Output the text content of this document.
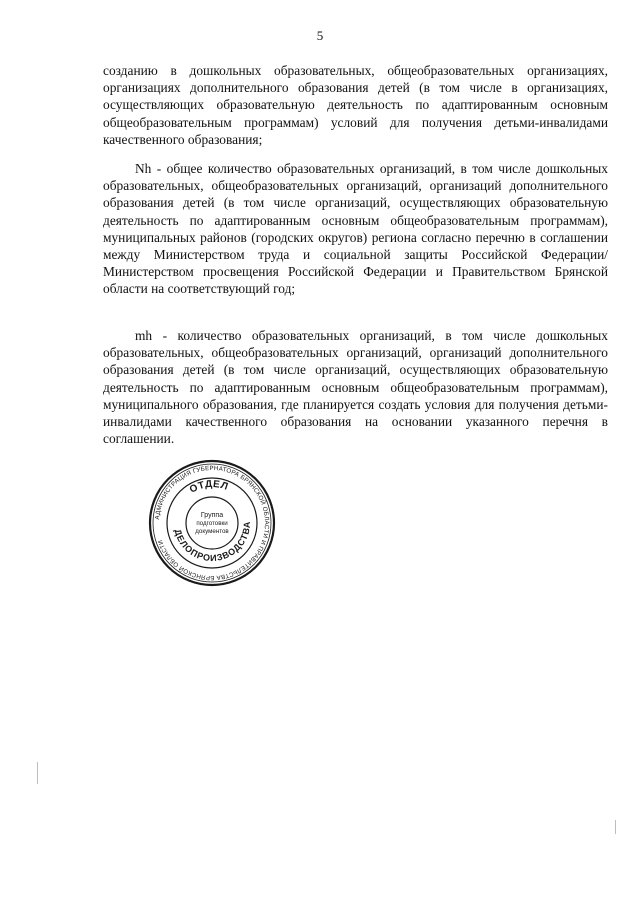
5

созданию в дошкольных образовательных, общеобразовательных организациях, организациях дополнительного образования детей (в том числе в организациях, осуществляющих образовательную деятельность по адаптированным основным общеобразовательным программам) условий для получения детьми-инвалидами качественного образования;

Nh - общее количество образовательных организаций, в том числе дошкольных образовательных, общеобразовательных организаций, организаций дополнительного образования детей (в том числе организаций, осуществляющих образовательную деятельность по адаптированным основным общеобразовательным программам), муниципальных районов (городских округов) региона согласно перечню в соглашении между Министерством труда и социальной защиты Российской Федерации/Министерством просвещения Российской Федерации и Правительством Брянской области на соответствующий год;

mh - количество образовательных организаций, в том числе дошкольных образовательных, общеобразовательных организаций, организаций дополнительного образования детей (в том числе организаций, осуществляющих образовательную деятельность по адаптированным основным общеобразовательным программам), муниципального образования, где планируется создать условия для получения детьми-инвалидами качественного образования на основании указанного перечня в соглашении.

АДМИНИСТРАЦИЯ ГУБЕРНАТОРА БРЯНСКОЙ ОБЛАСТИ И ПРАВИТЕЛЬСТВА БРЯНСКОЙ ОБЛАСТИ
ОТДЕЛ
ДЕЛОПРОИЗВОДСТВА
Группа
подготовки
документов
